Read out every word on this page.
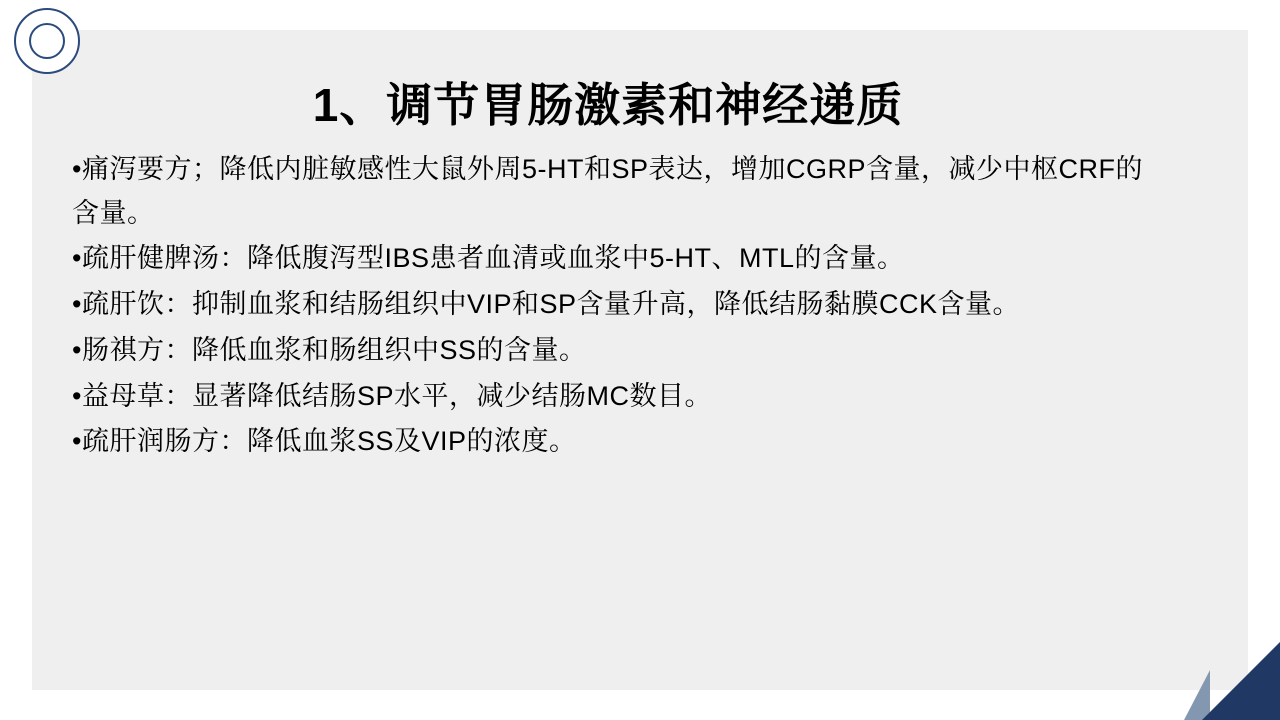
1、调节胃肠激素和神经递质
•痛泻要方；降低内脏敏感性大鼠外周5-HT和SP表达，增加CGRP含量，减少中枢CRF的含量。
•疏肝健脾汤：降低腹泻型IBS患者血清或血浆中5-HT、MTL的含量。
•疏肝饮：抑制血浆和结肠组织中VIP和SP含量升高，降低结肠黏膜CCK含量。
•肠祺方：降低血浆和肠组织中SS的含量。
•益母草：显著降低结肠SP水平，减少结肠MC数目。
•疏肝润肠方：降低血浆SS及VIP的浓度。
